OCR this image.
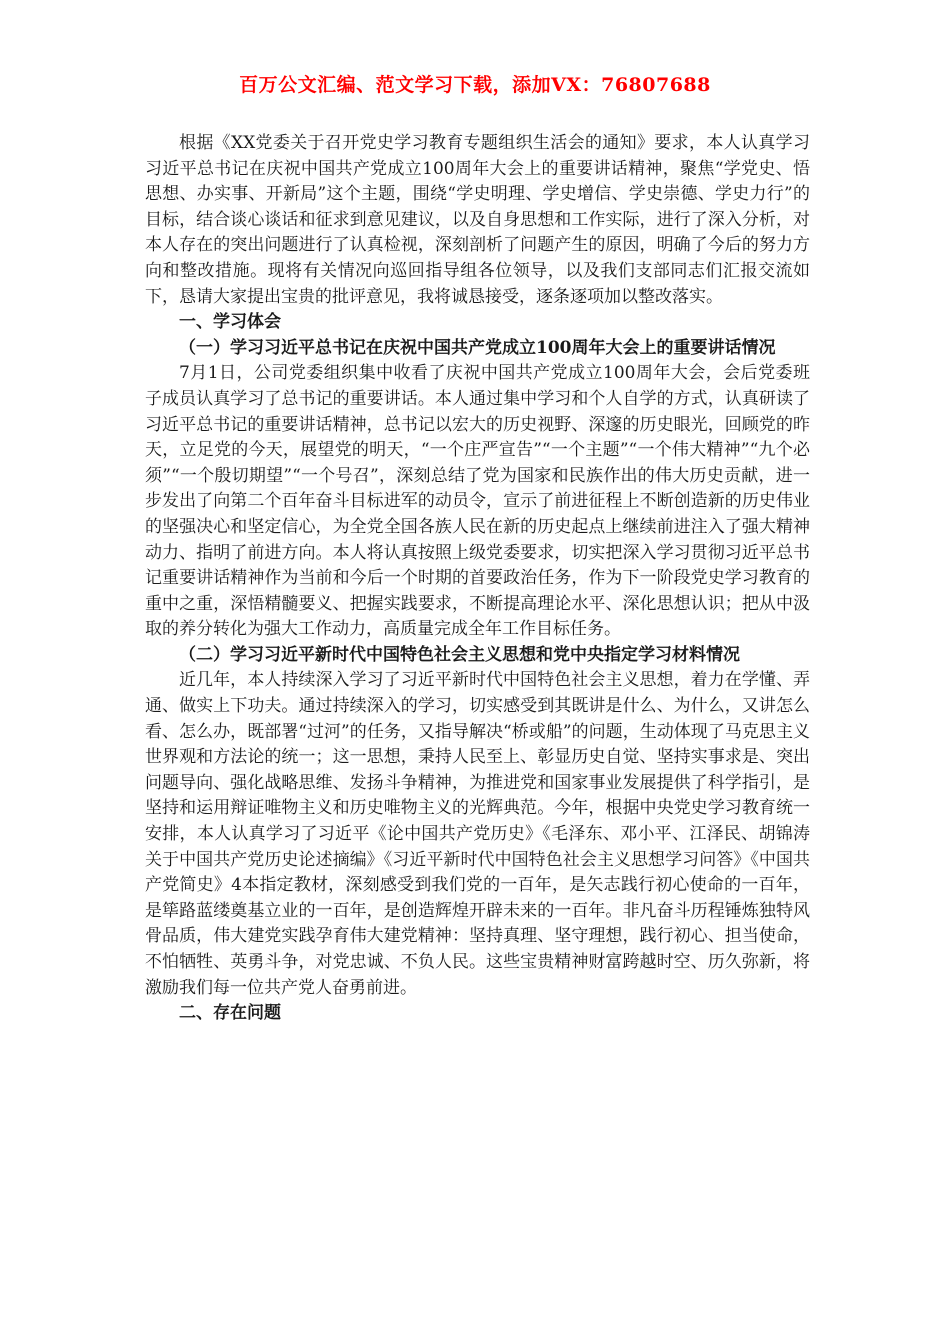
百万公文汇编、范文学习下载，添加VX：76807688

根据《XX党委关于召开党史学习教育专题组织生活会的通知》要求，本人认真学习习近平总书记在庆祝中国共产党成立100周年大会上的重要讲话精神，聚焦“学党史、悟思想、办实事、开新局”这个主题，围绕“学史明理、学史增信、学史崇德、学史力行”的目标，结合谈心谈话和征求到意见建议，以及自身思想和工作实际，进行了深入分析，对本人存在的突出问题进行了认真检视，深刻剖析了问题产生的原因，明确了今后的努力方向和整改措施。现将有关情况向巡回指导组各位领导，以及我们支部同志们汇报交流如下，恳请大家提出宝贵的批评意见，我将诚恳接受，逐条逐项加以整改落实。

一、学习体会

（一）学习习近平总书记在庆祝中国共产党成立100周年大会上的重要讲话情况

7月1日，公司党委组织集中收看了庆祝中国共产党成立100周年大会，会后党委班子成员认真学习了总书记的重要讲话。本人通过集中学习和个人自学的方式，认真研读了习近平总书记的重要讲话精神，总书记以宏大的历史视野、深邃的历史眼光，回顾党的昨天，立足党的今天，展望党的明天，“一个庄严宣告”“一个主题”“一个伟大精神”“九个必须”“一个殷切期望”“一个号召”，深刻总结了党为国家和民族作出的伟大历史贡献，进一步发出了向第二个百年奋斗目标进军的动员令，宣示了前进征程上不断创造新的历史伟业的坚强决心和坚定信心，为全党全国各族人民在新的历史起点上继续前进注入了强大精神动力、指明了前进方向。本人将认真按照上级党委要求，切实把深入学习贯彻习近平总书记重要讲话精神作为当前和今后一个时期的首要政治任务，作为下一阶段党史学习教育的重中之重，深悟精髓要义、把握实践要求，不断提高理论水平、深化思想认识；把从中汲取的养分转化为强大工作动力，高质量完成全年工作目标任务。

（二）学习习近平新时代中国特色社会主义思想和党中央指定学习材料情况

近几年，本人持续深入学习了习近平新时代中国特色社会主义思想，着力在学懂、弄通、做实上下功夫。通过持续深入的学习，切实感受到其既讲是什么、为什么，又讲怎么看、怎么办，既部署“过河”的任务，又指导解决“桥或船”的问题，生动体现了马克思主义世界观和方法论的统一；这一思想，秉持人民至上、彰显历史自觉、坚持实事求是、突出问题导向、强化战略思维、发扬斗争精神，为推进党和国家事业发展提供了科学指引，是坚持和运用辩证唯物主义和历史唯物主义的光辉典范。今年，根据中央党史学习教育统一安排，本人认真学习了习近平《论中国共产党历史》《毛泽东、邓小平、江泽民、胡锦涛关于中国共产党历史论述摘编》《习近平新时代中国特色社会主义思想学习问答》《中国共产党简史》4本指定教材，深刻感受到我们党的一百年，是矢志践行初心使命的一百年，是筚路蓝缕奠基立业的一百年，是创造辉煌开辟未来的一百年。非凡奋斗历程锤炼独特风骨品质，伟大建党实践孕育伟大建党精神：坚持真理、坚守理想，践行初心、担当使命，不怕牺牲、英勇斗争，对党忠诚、不负人民。这些宝贵精神财富跨越时空、历久弥新，将激励我们每一位共产党人奋勇前进。

二、存在问题
